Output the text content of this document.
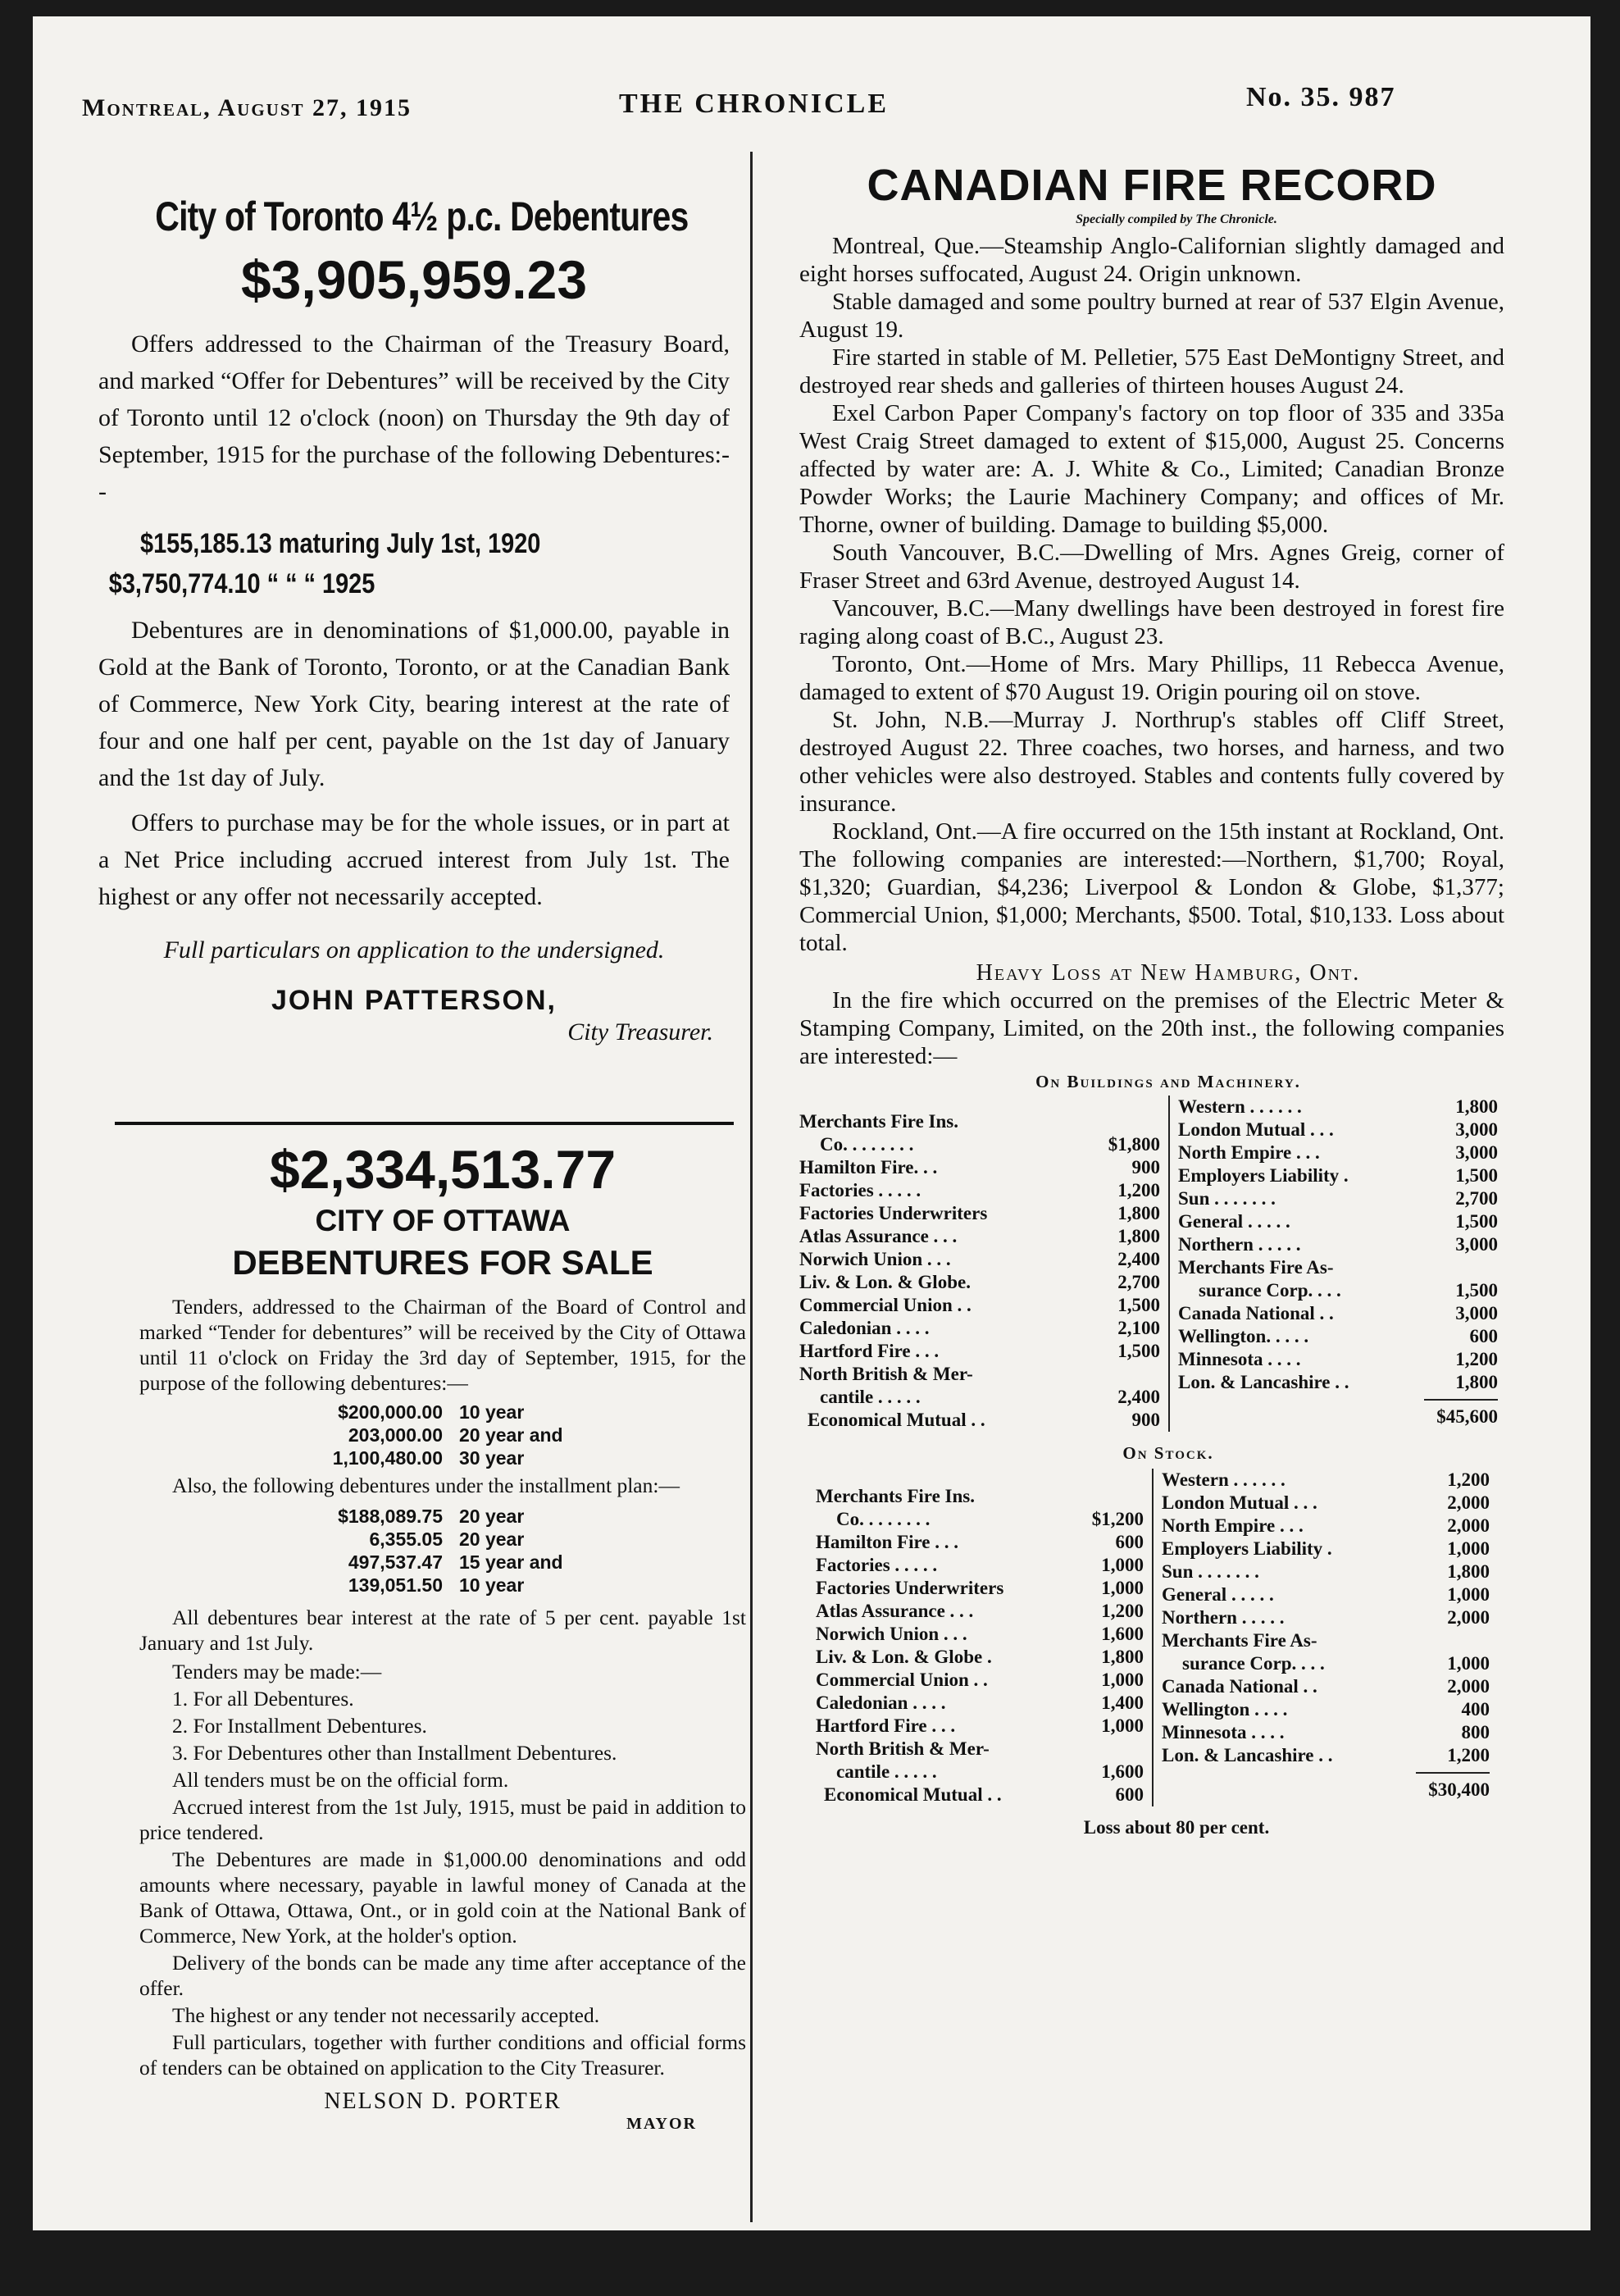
Montreal, August 27, 1915	THE CHRONICLE	No. 35. 987
City of Toronto 4½ p.c. Debentures
$3,905,959.23

Offers addressed to the Chairman of the Treasury Board, and marked “Offer for Debentures” will be received by the City of Toronto until 12 o'clock (noon) on Thursday the 9th day of September, 1915 for the purchase of the following Debentures:--

$155,185.13 maturing July 1st, 1920
$3,750,774.10 “ “ “ 1925

Debentures are in denominations of $1,000.00, payable in Gold at the Bank of Toronto, Toronto, or at the Canadian Bank of Commerce, New York City, bearing interest at the rate of four and one half per cent, payable on the 1st day of January and the 1st day of July.

Offers to purchase may be for the whole issues, or in part at a Net Price including accrued interest from July 1st. The highest or any offer not necessarily accepted.

Full particulars on application to the undersigned.

JOHN PATTERSON,
City Treasurer.
$2,334,513.77
CITY OF OTTAWA
DEBENTURES FOR SALE

Tenders, addressed to the Chairman of the Board of Control and marked “Tender for debentures” will be received by the City of Ottawa until 11 o'clock on Friday the 3rd day of September, 1915, for the purpose of the following debentures:—

$200,000.00 10 year
203,000.00 20 year and
1,100,480.00 30 year

Also, the following debentures under the installment plan:—

$188,089.75 20 year
6,355.05 20 year
497,537.47 15 year and
139,051.50 10 year

All debentures bear interest at the rate of 5 per cent. payable 1st January and 1st July.

Tenders may be made:—

1. For all Debentures.

2. For Installment Debentures.

3. For Debentures other than Installment Debentures.

All tenders must be on the official form.

Accrued interest from the 1st July, 1915, must be paid in addition to price tendered.

The Debentures are made in $1,000.00 denominations and odd amounts where necessary, payable in lawful money of Canada at the Bank of Ottawa, Ottawa, Ont., or in gold coin at the National Bank of Commerce, New York, at the holder's option.

Delivery of the bonds can be made any time after acceptance of the offer.

The highest or any tender not necessarily accepted.

Full particulars, together with further conditions and official forms of tenders can be obtained on application to the City Treasurer.

NELSON D. PORTER
MAYOR
CANADIAN FIRE RECORD
Specially compiled by The Chronicle.

Montreal, Que.—Steamship Anglo-Californian slightly damaged and eight horses suffocated, August 24. Origin unknown.

Stable damaged and some poultry burned at rear of 537 Elgin Avenue, August 19.

Fire started in stable of M. Pelletier, 575 East DeMontigny Street, and destroyed rear sheds and galleries of thirteen houses August 24.

Exel Carbon Paper Company's factory on top floor of 335 and 335a West Craig Street damaged to extent of $15,000, August 25. Concerns affected by water are: A. J. White & Co., Limited; Canadian Bronze Powder Works; the Laurie Machinery Company; and offices of Mr. Thorne, owner of building. Damage to building $5,000.

South Vancouver, B.C.—Dwelling of Mrs. Agnes Greig, corner of Fraser Street and 63rd Avenue, destroyed August 14.

Vancouver, B.C.—Many dwellings have been destroyed in forest fire raging along coast of B.C., August 23.

Toronto, Ont.—Home of Mrs. Mary Phillips, 11 Rebecca Avenue, damaged to extent of $70 August 19. Origin pouring oil on stove.

St. John, N.B.—Murray J. Northrup's stables off Cliff Street, destroyed August 22. Three coaches, two horses, and harness, and two other vehicles were also destroyed. Stables and contents fully covered by insurance.

Rockland, Ont.—A fire occurred on the 15th instant at Rockland, Ont. The following companies are interested:—Northern, $1,700; Royal, $1,320; Guardian, $4,236; Liverpool & London & Globe, $1,377; Commercial Union, $1,000; Merchants, $500. Total, $10,133. Loss about total.

Heavy Loss at New Hamburg, Ont.

In the fire which occurred on the premises of the Electric Meter & Stamping Company, Limited, on the 20th inst., the following companies are interested:—

On Buildings and Machinery.
Merchants Fire Ins.
Co. . . . . . . .	$1,800
Hamilton Fire. . .	900
Factories . . . . .	1,200
Factories Underwriters	1,800
Atlas Assurance . . .	1,800
Norwich Union . . .	2,400
Liv. & Lon. & Globe.	2,700
Commercial Union . .	1,500
Caledonian . . . .	2,100
Hartford Fire . . .	1,500
North British & Mer-
cantile . . . . .	2,400
Economical Mutual . .	900
Western . . . . . .	1,800
London Mutual . . .	3,000
North Empire . . .	3,000
Employers Liability .	1,500
Sun . . . . . . .	2,700
General . . . . .	1,500
Northern . . . . .	3,000
Merchants Fire As-
surance Corp. . . .	1,500
Canada National . .	3,000
Wellington. . . . .	600
Minnesota . . . .	1,200
Lon. & Lancashire . .	1,800
$45,600
On Stock.
Merchants Fire Ins.
Co. . . . . . . .	$1,200
Hamilton Fire . . .	600
Factories . . . . .	1,000
Factories Underwriters	1,000
Atlas Assurance . . .	1,200
Norwich Union . . .	1,600
Liv. & Lon. & Globe .	1,800
Commercial Union . .	1,000
Caledonian . . . .	1,400
Hartford Fire . . .	1,000
North British & Mer-
cantile . . . . .	1,600
Economical Mutual . .	600
Western . . . . . .	1,200
London Mutual . . .	2,000
North Empire . . .	2,000
Employers Liability .	1,000
Sun . . . . . . .	1,800
General . . . . .	1,000
Northern . . . . .	2,000
Merchants Fire As-
surance Corp. . . .	1,000
Canada National . .	2,000
Wellington . . . .	400
Minnesota . . . .	800
Lon. & Lancashire . .	1,200
$30,400
Loss about 80 per cent.
